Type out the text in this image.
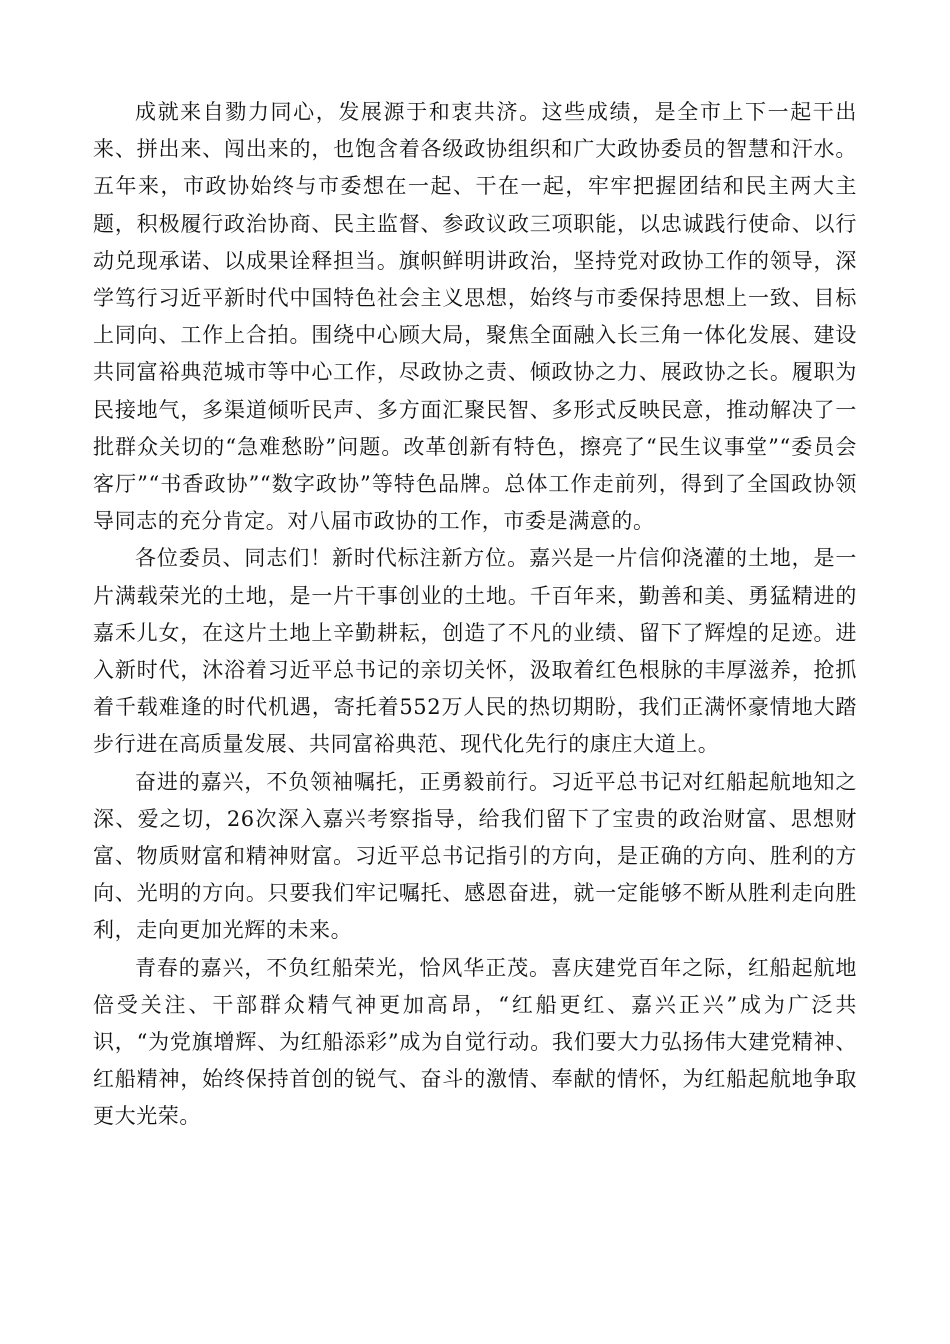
成就来自勠力同心，发展源于和衷共济。这些成绩，是全市上下一起干出来、拼出来、闯出来的，也饱含着各级政协组织和广大政协委员的智慧和汗水。五年来，市政协始终与市委想在一起、干在一起，牢牢把握团结和民主两大主题，积极履行政治协商、民主监督、参政议政三项职能，以忠诚践行使命、以行动兑现承诺、以成果诠释担当。旗帜鲜明讲政治，坚持党对政协工作的领导，深学笃行习近平新时代中国特色社会主义思想，始终与市委保持思想上一致、目标上同向、工作上合拍。围绕中心顾大局，聚焦全面融入长三角一体化发展、建设共同富裕典范城市等中心工作，尽政协之责、倾政协之力、展政协之长。履职为民接地气，多渠道倾听民声、多方面汇聚民智、多形式反映民意，推动解决了一批群众关切的“急难愁盼”问题。改革创新有特色，擦亮了“民生议事堂”“委员会客厅”“书香政协”“数字政协”等特色品牌。总体工作走前列，得到了全国政协领导同志的充分肯定。对八届市政协的工作，市委是满意的。

各位委员、同志们！新时代标注新方位。嘉兴是一片信仰浇灌的土地，是一片满载荣光的土地，是一片干事创业的土地。千百年来，勤善和美、勇猛精进的嘉禾儿女，在这片土地上辛勤耕耘，创造了不凡的业绩、留下了辉煌的足迹。进入新时代，沐浴着习近平总书记的亲切关怀，汲取着红色根脉的丰厚滋养，抢抓着千载难逢的时代机遇，寄托着552万人民的热切期盼，我们正满怀豪情地大踏步行进在高质量发展、共同富裕典范、现代化先行的康庄大道上。

奋进的嘉兴，不负领袖嘱托，正勇毅前行。习近平总书记对红船起航地知之深、爱之切，26次深入嘉兴考察指导，给我们留下了宝贵的政治财富、思想财富、物质财富和精神财富。习近平总书记指引的方向，是正确的方向、胜利的方向、光明的方向。只要我们牢记嘱托、感恩奋进，就一定能够不断从胜利走向胜利，走向更加光辉的未来。

青春的嘉兴，不负红船荣光，恰风华正茂。喜庆建党百年之际，红船起航地倍受关注、干部群众精气神更加高昂，“红船更红、嘉兴正兴”成为广泛共识，“为党旗增辉、为红船添彩”成为自觉行动。我们要大力弘扬伟大建党精神、红船精神，始终保持首创的锐气、奋斗的激情、奉献的情怀，为红船起航地争取更大光荣。
